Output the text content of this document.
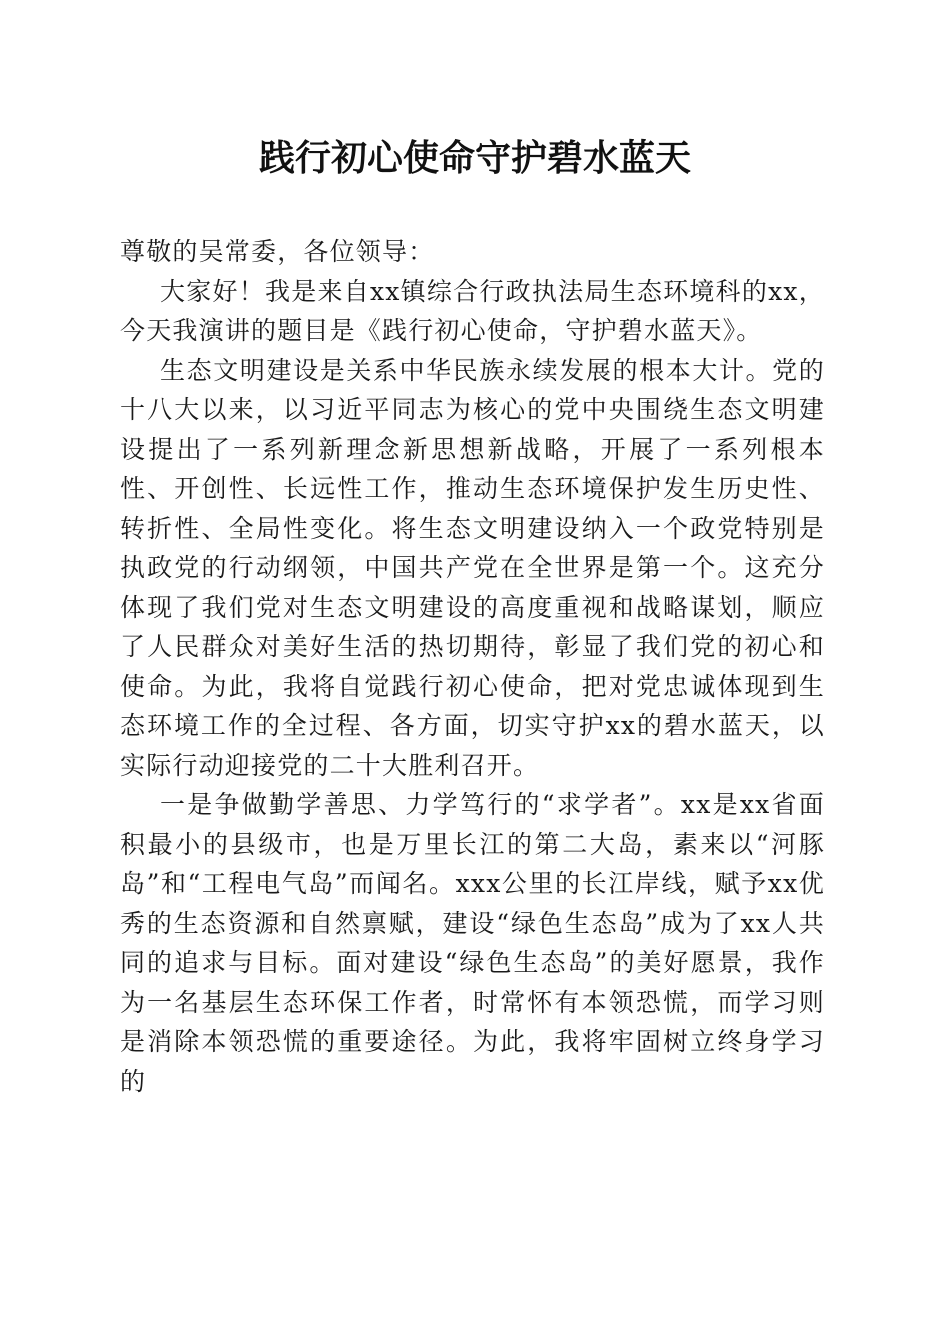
践行初心使命守护碧水蓝天

尊敬的吴常委，各位领导：

大家好！我是来自xx镇综合行政执法局生态环境科的xx，今天我演讲的题目是《践行初心使命，守护碧水蓝天》。

生态文明建设是关系中华民族永续发展的根本大计。党的十八大以来，以习近平同志为核心的党中央围绕生态文明建设提出了一系列新理念新思想新战略，开展了一系列根本性、开创性、长远性工作，推动生态环境保护发生历史性、转折性、全局性变化。将生态文明建设纳入一个政党特别是执政党的行动纲领，中国共产党在全世界是第一个。这充分体现了我们党对生态文明建设的高度重视和战略谋划，顺应了人民群众对美好生活的热切期待，彰显了我们党的初心和使命。为此，我将自觉践行初心使命，把对党忠诚体现到生态环境工作的全过程、各方面，切实守护xx的碧水蓝天，以实际行动迎接党的二十大胜利召开。

一是争做勤学善思、力学笃行的“求学者”。xx是xx省面积最小的县级市，也是万里长江的第二大岛，素来以“河豚岛”和“工程电气岛”而闻名。xxx公里的长江岸线，赋予xx优秀的生态资源和自然禀赋，建设“绿色生态岛”成为了xx人共同的追求与目标。面对建设“绿色生态岛”的美好愿景，我作为一名基层生态环保工作者，时常怀有本领恐慌，而学习则是消除本领恐慌的重要途径。为此，我将牢固树立终身学习的
